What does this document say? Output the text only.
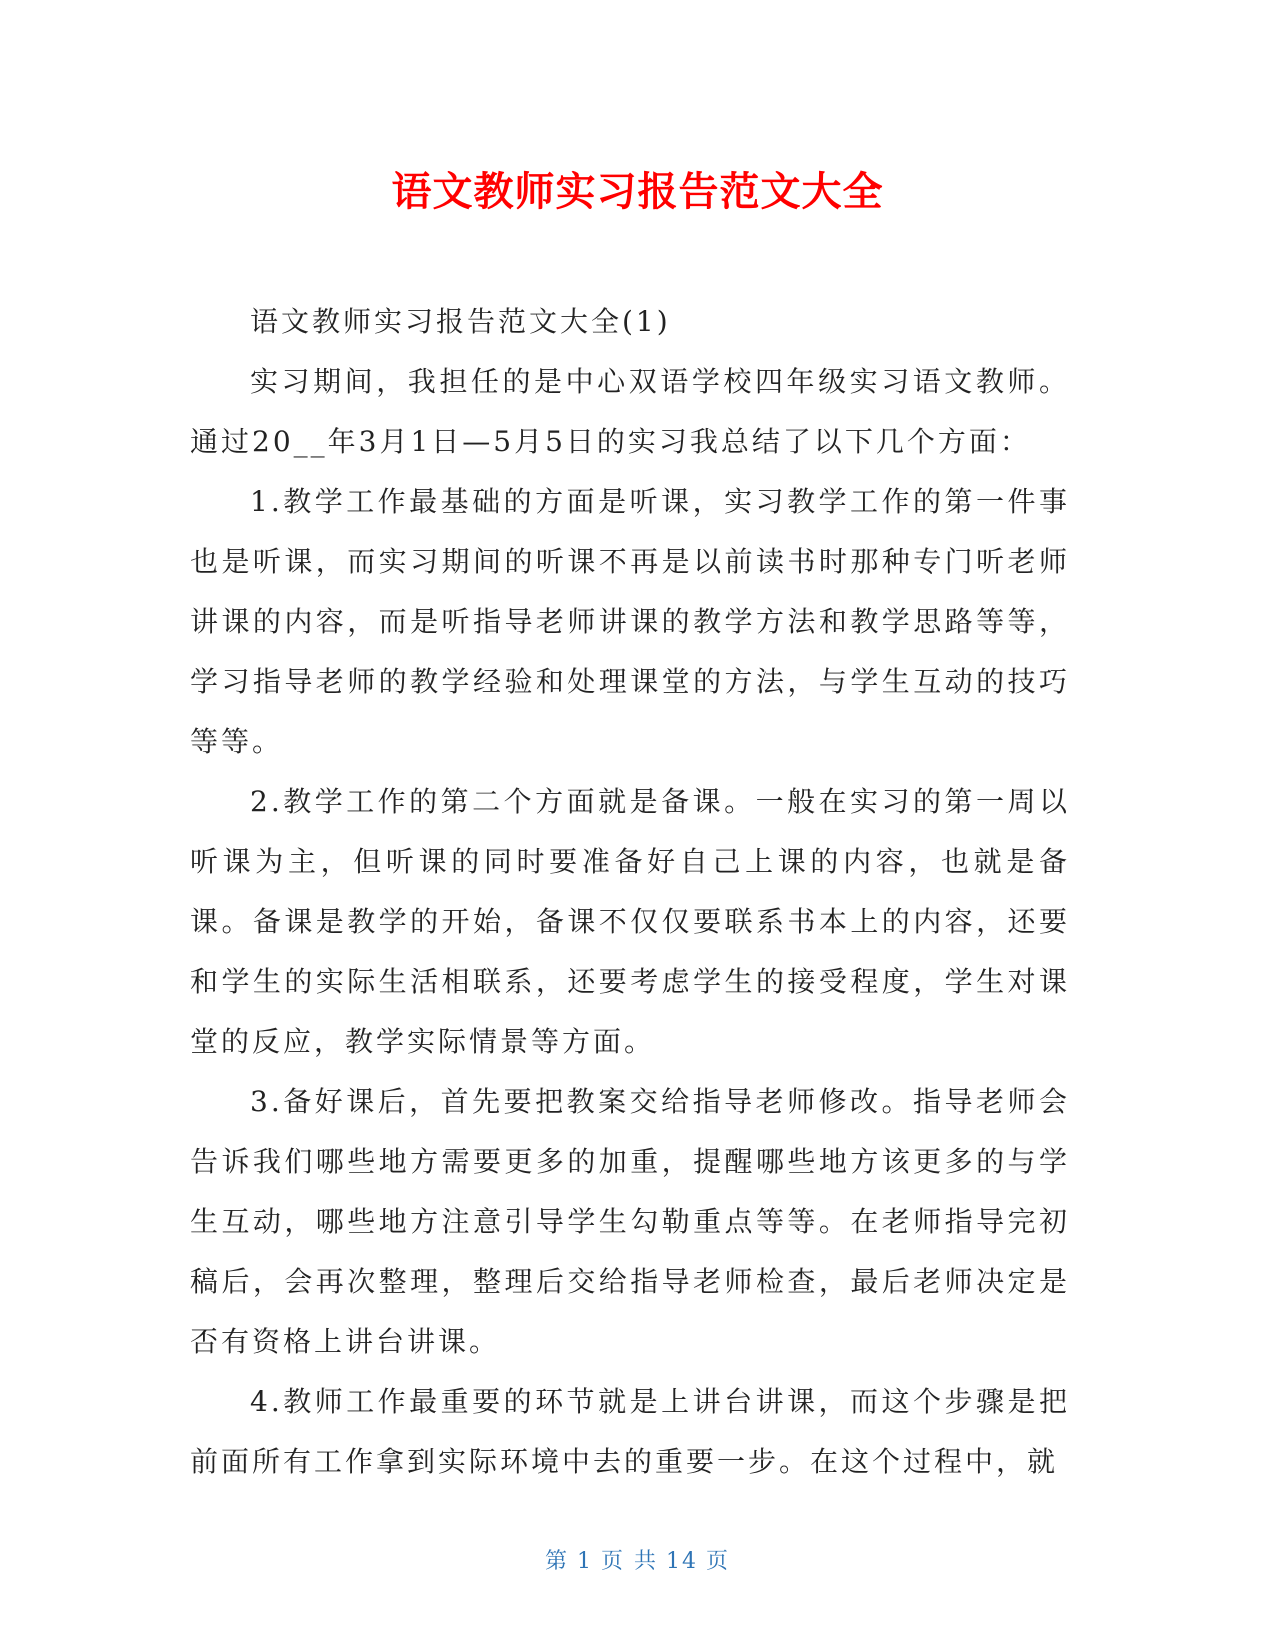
语文教师实习报告范文大全

语文教师实习报告范文大全(1)

实习期间，我担任的是中心双语学校四年级实习语文教师。通过20__年3月1日—5月5日的实习我总结了以下几个方面：

1.教学工作最基础的方面是听课，实习教学工作的第一件事也是听课，而实习期间的听课不再是以前读书时那种专门听老师讲课的内容，而是听指导老师讲课的教学方法和教学思路等等，学习指导老师的教学经验和处理课堂的方法，与学生互动的技巧等等。

2.教学工作的第二个方面就是备课。一般在实习的第一周以听课为主，但听课的同时要准备好自己上课的内容，也就是备课。备课是教学的开始，备课不仅仅要联系书本上的内容，还要和学生的实际生活相联系，还要考虑学生的接受程度，学生对课堂的反应，教学实际情景等方面。

3.备好课后，首先要把教案交给指导老师修改。指导老师会告诉我们哪些地方需要更多的加重，提醒哪些地方该更多的与学生互动，哪些地方注意引导学生勾勒重点等等。在老师指导完初稿后，会再次整理，整理后交给指导老师检查，最后老师决定是否有资格上讲台讲课。

4.教师工作最重要的环节就是上讲台讲课，而这个步骤是把前面所有工作拿到实际环境中去的重要一步。在这个过程中，就

第 1 页 共 14 页
